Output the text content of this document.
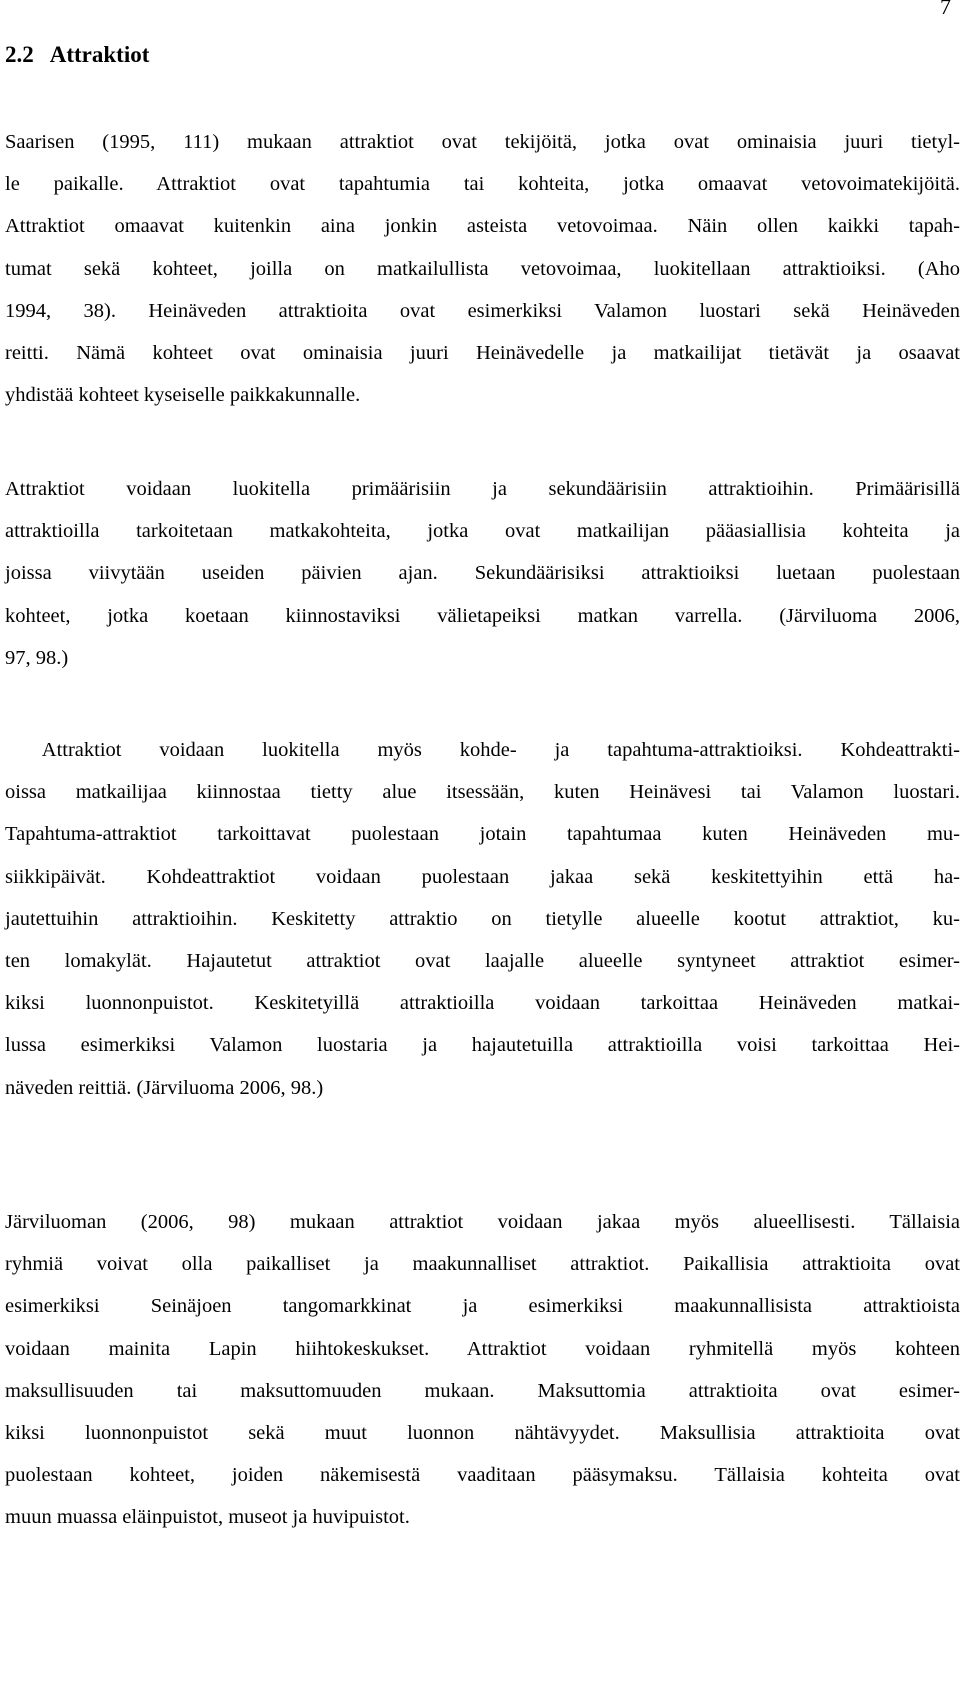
7
2.2 Attraktiot
Saarisen (1995, 111) mukaan attraktiot ovat tekijöitä, jotka ovat ominaisia juuri tietyl-
le paikalle. Attraktiot ovat tapahtumia tai kohteita, jotka omaavat vetovoimatekijöitä.
Attraktiot omaavat kuitenkin aina jonkin asteista vetovoimaa. Näin ollen kaikki tapah-
tumat sekä kohteet, joilla on matkailullista vetovoimaa, luokitellaan attraktioiksi. (Aho
1994, 38). Heinäveden attraktioita ovat esimerkiksi Valamon luostari sekä Heinäveden
reitti. Nämä kohteet ovat ominaisia juuri Heinävedelle ja matkailijat tietävät ja osaavat
yhdistää kohteet kyseiselle paikkakunnalle.
Attraktiot voidaan luokitella primäärisiin ja sekundäärisiin attraktioihin. Primäärisillä
attraktioilla tarkoitetaan matkakohteita, jotka ovat matkailijan pääasiallisia kohteita ja
joissa viivytään useiden päivien ajan. Sekundäärisiksi attraktioiksi luetaan puolestaan
kohteet, jotka koetaan kiinnostaviksi välietapeiksi matkan varrella. (Järviluoma 2006,
97, 98.)
Attraktiot voidaan luokitella myös kohde- ja tapahtuma-attraktioiksi. Kohdeattrakti-
oissa matkailijaa kiinnostaa tietty alue itsessään, kuten Heinävesi tai Valamon luostari.
Tapahtuma-attraktiot tarkoittavat puolestaan jotain tapahtumaa kuten Heinäveden mu-
siikkipäivät. Kohdeattraktiot voidaan puolestaan jakaa sekä keskitettyihin että ha-
jautettuihin attraktioihin. Keskitetty attraktio on tietylle alueelle kootut attraktiot, ku-
ten lomakylät. Hajautetut attraktiot ovat laajalle alueelle syntyneet attraktiot esimer-
kiksi luonnonpuistot. Keskitetyillä attraktioilla voidaan tarkoittaa Heinäveden matkai-
lussa esimerkiksi Valamon luostaria ja hajautetuilla attraktioilla voisi tarkoittaa Hei-
näveden reittiä. (Järviluoma 2006, 98.)
Järviluoman (2006, 98) mukaan attraktiot voidaan jakaa myös alueellisesti. Tällaisia
ryhmiä voivat olla paikalliset ja maakunnalliset attraktiot. Paikallisia attraktioita ovat
esimerkiksi Seinäjoen tangomarkkinat ja esimerkiksi maakunnallisista attraktioista
voidaan mainita Lapin hiihtokeskukset. Attraktiot voidaan ryhmitellä myös kohteen
maksullisuuden tai maksuttomuuden mukaan. Maksuttomia attraktioita ovat esimer-
kiksi luonnonpuistot sekä muut luonnon nähtävyydet. Maksullisia attraktioita ovat
puolestaan kohteet, joiden näkemisestä vaaditaan pääsymaksu. Tällaisia kohteita ovat
muun muassa eläinpuistot, museot ja huvipuistot.
